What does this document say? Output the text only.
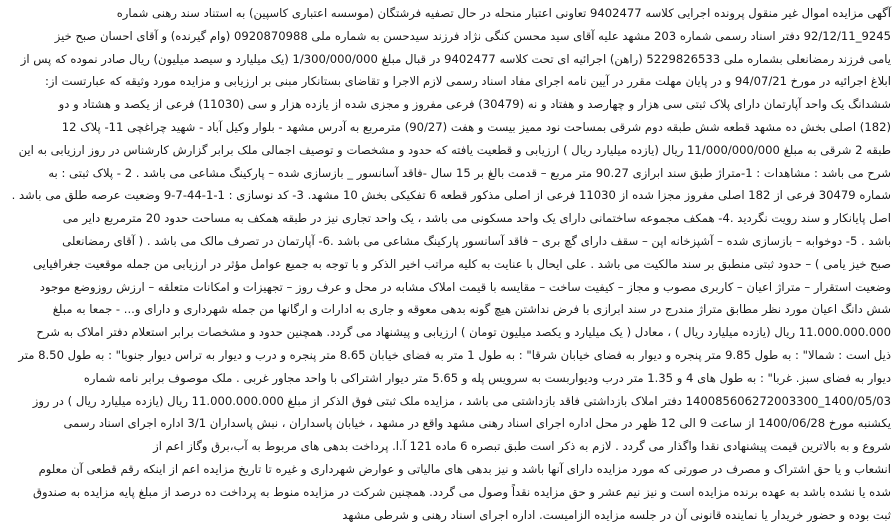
آگهی مزایده اموال غیر منقول پرونده اجرایی کلاسه 9402477 تعاونی اعتبار منحله در حال تصفیه فرشتگان (موسسه اعتباری کاسپین) به استناد سند رهنی شماره
9245_92/12/11 دفتر اسناد رسمی شماره 203 مشهد علیه آقای سید محسن کنگی نژاد فرزند سیدحسن به شماره ملی 0920870988 (وام گیرنده) و آقای احسان صبح خیز
یامی فرزند رمضانعلی بشماره ملی 5229826533 (راهن) اجرائیه ای تحت کلاسه 9402477 در قبال مبلغ 1/300/000/000 (یک میلیارد و سیصد میلیون) ریال صادر نموده که پس از
ابلاغ اجرائیه در مورخ 94/07/21 و در پایان مهلت مقرر در آیین نامه اجرای مفاد اسناد رسمی لازم الاجرا و تقاضای بستانکار مبنی بر ارزیابی و مزایده مورد وثیقه که عبارتست از:
ششدانگ یک واحد آپارتمان دارای پلاک ثبتی سی هزار و چهارصد و هفتاد و نه (30479) فرعی مفروز و مجزی شده از یازده هزار و سی (11030) فرعی از یکصد و هشتاد و دو
(182) اصلی بخش ده مشهد قطعه شش طبقه دوم شرقی بمساحت نود ممیز بیست و هفت (90/27) مترمربع به آدرس مشهد - بلوار وکیل آباد - شهید چراغچی 11- پلاک 12
طبقه 2 شرقی به مبلغ 11/000/000/000 ریال (یازده میلیارد ریال ) ارزیابی و قطعیت یافته که حدود و مشخصات و توصیف اجمالی ملک برابر گزارش کارشناس در روز ارزیابی به این
شرح می باشد : مشاهدات : 1-متراژ طبق سند ابرازی 90.27 متر مربع – قدمت بالغ بر 15 سال -فاقد آسانسور _ بازسازی شده – پارکینگ مشاعی می باشد . 2 - پلاک ثبتی : به
شماره 30479 فرعی از 182 اصلی مفروز مجزا شده از 11030 فرعی از اصلی مذکور قطعه 6 تفکیکی بخش 10 مشهد. 3- کد نوسازی : 1-1-44-7-9 وضعیت عرصه طلق می باشد .
اصل پایانکار و سند رویت نگردید .4- همکف مجموعه ساختمانی دارای یک واحد مسکونی می باشد ، یک واحد تجاری نیز در طبقه همکف به مساحت حدود 20 مترمربع دایر می
باشد . 5- دوخوابه – بازسازی شده – آشپزخانه اپن – سقف دارای گچ بری – فاقد آسانسور پارکینگ مشاعی می باشد .6- آپارتمان در تصرف مالک می باشد . ( آقای رمضانعلی
صبح خیز یامی ) – حدود ثبتی منطبق بر سند مالکیت می باشد . علی ایحال با عنایت به کلیه مراتب اخیر الذکر و با توجه به جمیع عوامل مؤثر در ارزیابی من جمله موقعیت جغرافیایی
وضعیت استقرار – متراژ اعیان – کاربری مصوب و مجاز – کیفیت ساخت – مقایسه با قیمت املاک مشابه در محل و عرف روز – تجهیزات و امکانات متعلقه – ارزش روزوضع موجود
شش دانگ اعیان مورد نظر مطابق متراژ مندرج در سند ابرازی با فرض نداشتن هیچ گونه بدهی معوقه و جاری به ادارات و ارگانها من جمله شهرداری و دارای و... - جمعا به مبلغ
11.000.000.000 ریال (یازده میلیارد ریال ) ، معادل ( یک میلیارد و یکصد میلیون تومان ) ارزیابی و پیشنهاد می گردد. همچنین حدود و مشخصات برابر استعلام دفتر املاک به شرح
ذیل است : شمالا" : به طول 9.85 متر پنجره و دیوار به فضای خیابان شرقا" : به طول 1 متر به فضای خیابان 8.65 متر پنجره و درب و دیوار به تراس دیوار جنوبا" : به طول 8.50 متر
دیوار به فضای سبز. غربا" : به طول های 4 و 1.35 متر درب ودیواربست به سرویس پله و 5.65 متر دیوار اشتراکی با واحد مجاور غربی . ملک موصوف برابر نامه شماره
1400/05/03_140085606272003300 دفتر املاک بازداشتی فاقد بازداشتی می باشد ، مزایده ملک ثبتی فوق الذکر از مبلغ 11.000.000.000 ریال (یازده میلیارد ریال ) در روز
یکشنبه مورخ 1400/06/28 از ساعت 9 الی 12 ظهر در محل اداره اجرای اسناد رهنی مشهد واقع در مشهد ، خیابان پاسداران ، نبش پاسداران 3/1 اداره اجرای اسناد رسمی
شروع و به بالاترین قیمت پیشنهادی نقدا واگذار می گردد . لازم به ذکر است طبق تبصره 6 ماده 121 آ.ا. پرداخت بدهی های مربوط به آب،برق وگاز اعم از
انشعاب و یا حق اشتراک و مصرف در صورتی که مورد مزایده دارای آنها باشد و نیز بدهی های مالیاتی و عوارض شهرداری و غیره تا تاریخ مزایده اعم از اینکه رقم قطعی آن معلوم
شده یا نشده باشد به عهده برنده مزایده است و نیز نیم عشر و حق مزایده نقداً وصول می گردد. همچنین شرکت در مزایده منوط به پرداخت ده درصد از مبلغ پایه مزایده به صندوق
ثبت بوده و حضور خریدار یا نماینده قانونی آن در جلسه مزایده الزامیست. اداره اجرای اسناد رهنی و شرطی مشهد
